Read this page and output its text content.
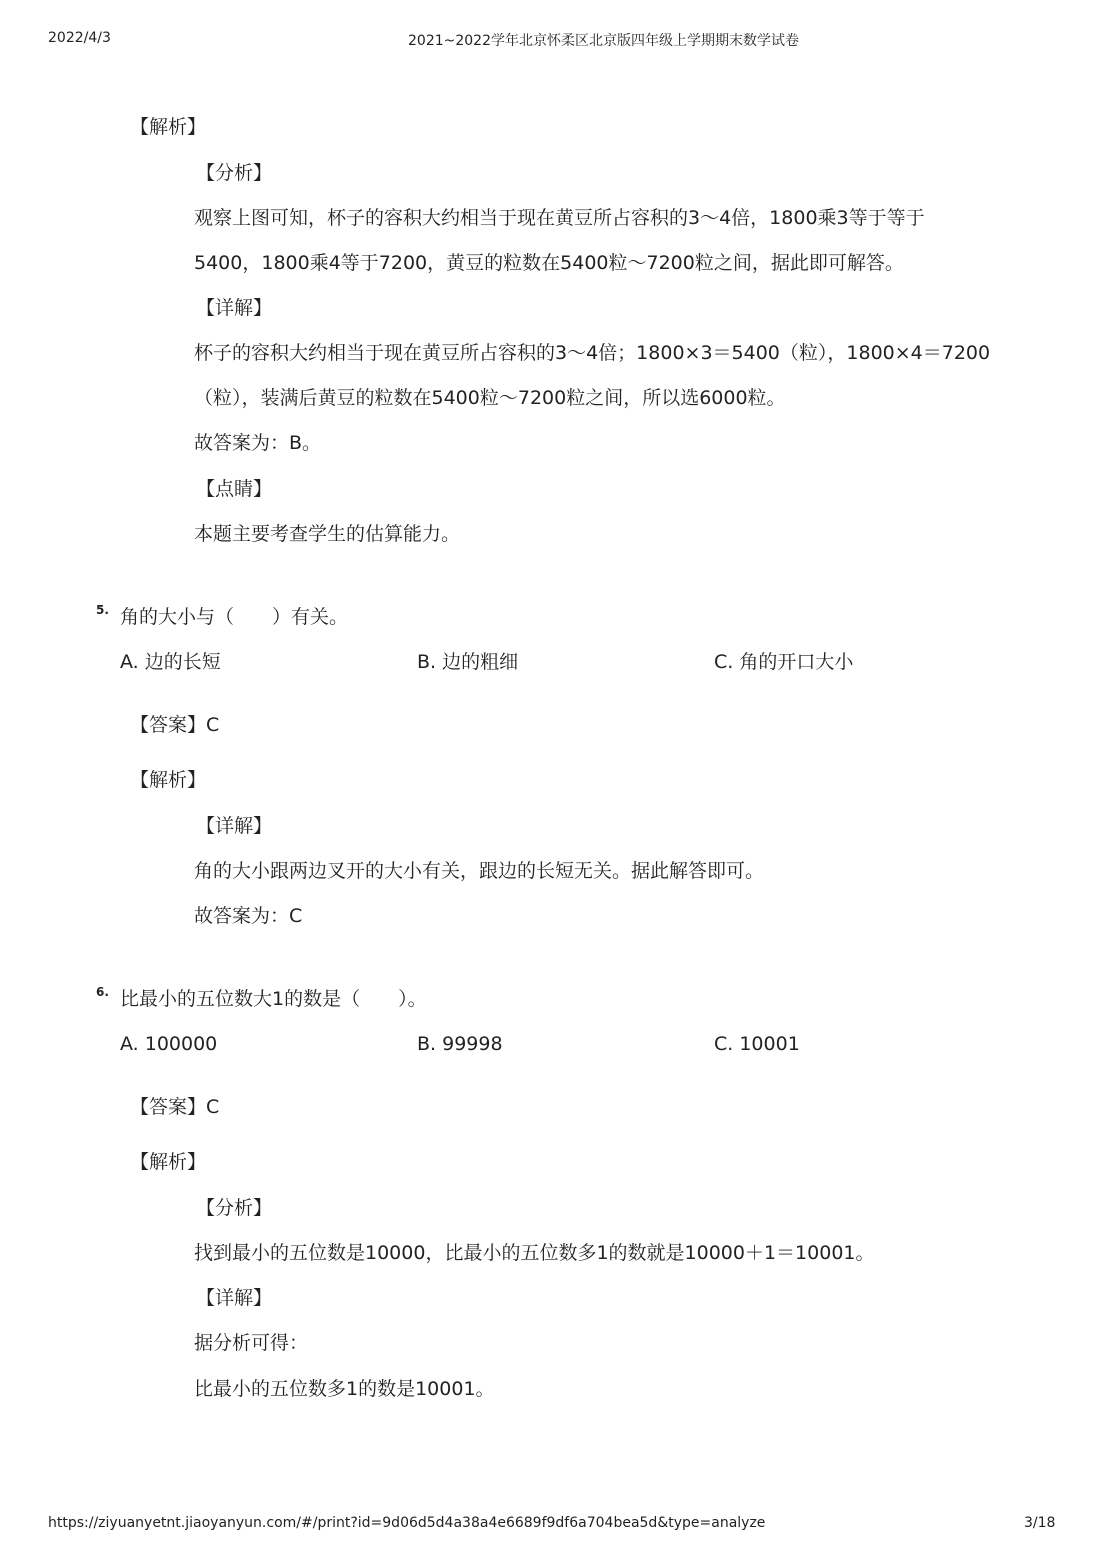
2022/4/3	2021~2022学年北京怀柔区北京版四年级上学期期末数学试卷
【解析】
【分析】
观察上图可知，杯子的容积大约相当于现在黄豆所占容积的3～4倍，1800乘3等于等于
5400，1800乘4等于7200，黄豆的粒数在5400粒～7200粒之间，据此即可解答。
【详解】
杯子的容积大约相当于现在黄豆所占容积的3～4倍；1800×3＝5400（粒），1800×4＝7200
（粒），装满后黄豆的粒数在5400粒～7200粒之间，所以选6000粒。
故答案为：B。
【点睛】
本题主要考查学生的估算能力。
5. 角的大小与（　　）有关。
A. 边的长短	B. 边的粗细	C. 角的开口大小
【答案】C
【解析】
【详解】
角的大小跟两边叉开的大小有关，跟边的长短无关。据此解答即可。
故答案为：C
6. 比最小的五位数大1的数是（　　）。
A. 100000	B. 99998	C. 10001
【答案】C
【解析】
【分析】
找到最小的五位数是10000，比最小的五位数多1的数就是10000＋1＝10001。
【详解】
据分析可得：
比最小的五位数多1的数是10001。
https://ziyuanyetnt.jiaoyanyun.com/#/print?id=9d06d5d4a38a4e6689f9df6a704bea5d&type=analyze	3/18
